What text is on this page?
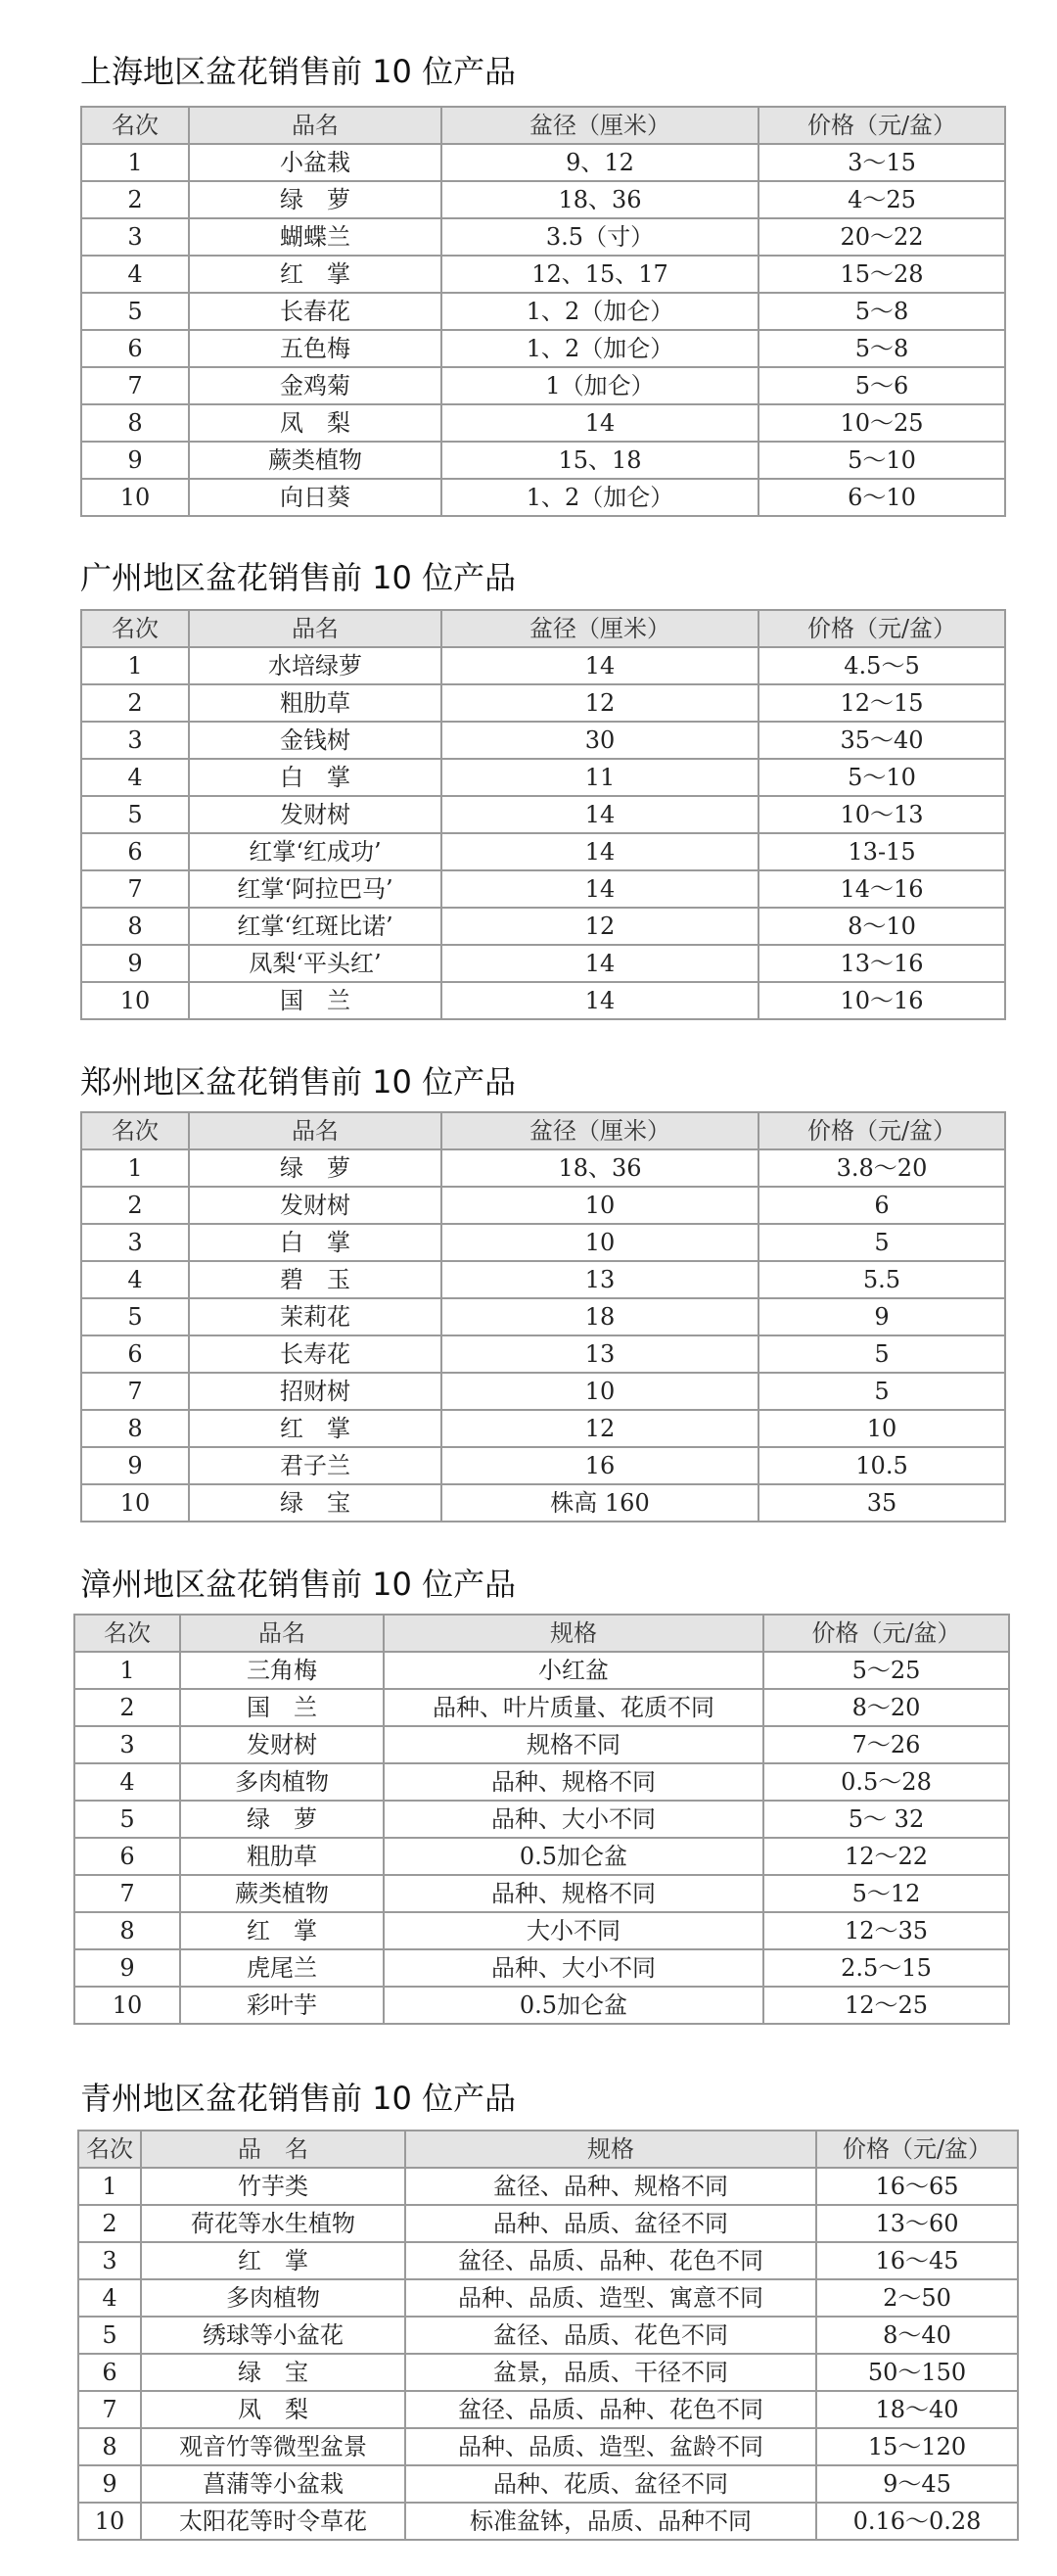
上海地区盆花销售前 10 位产品
名次	品名	盆径（厘米）	价格（元/盆）
1	小盆栽	9、12	3～15
2	绿　萝	18、36	4～25
3	蝴蝶兰	3.5（寸）	20～22
4	红　掌	12、15、17	15～28
5	长春花	1、2（加仑）	5～8
6	五色梅	1、2（加仑）	5～8
7	金鸡菊	1（加仑）	5～6
8	凤　梨	14	10～25
9	蕨类植物	15、18	5～10
10	向日葵	1、2（加仑）	6～10
广州地区盆花销售前 10 位产品
名次	品名	盆径（厘米）	价格（元/盆）
1	水培绿萝	14	4.5～5
2	粗肋草	12	12～15
3	金钱树	30	35～40
4	白　掌	11	5～10
5	发财树	14	10～13
6	红掌‘红成功’	14	13-15
7	红掌‘阿拉巴马’	14	14～16
8	红掌‘红斑比诺’	12	8～10
9	凤梨‘平头红’	14	13～16
10	国　兰	14	10～16
郑州地区盆花销售前 10 位产品
名次	品名	盆径（厘米）	价格（元/盆）
1	绿　萝	18、36	3.8～20
2	发财树	10	6
3	白　掌	10	5
4	碧　玉	13	5.5
5	茉莉花	18	9
6	长寿花	13	5
7	招财树	10	5
8	红　掌	12	10
9	君子兰	16	10.5
10	绿　宝	株高 160	35
漳州地区盆花销售前 10 位产品
名次	品名	规格	价格（元/盆）
1	三角梅	小红盆	5～25
2	国　兰	品种、叶片质量、花质不同	8～20
3	发财树	规格不同	7～26
4	多肉植物	品种、规格不同	0.5～28
5	绿　萝	品种、大小不同	5～ 32
6	粗肋草	0.5加仑盆	12～22
7	蕨类植物	品种、规格不同	5～12
8	红　掌	大小不同	12～35
9	虎尾兰	品种、大小不同	2.5～15
10	彩叶芋	0.5加仑盆	12～25
青州地区盆花销售前 10 位产品
名次	品　名	规格	价格（元/盆）
1	竹芋类	盆径、品种、规格不同	16～65
2	荷花等水生植物	品种、品质、盆径不同	13～60
3	红　掌	盆径、品质、品种、花色不同	16～45
4	多肉植物	品种、品质、造型、寓意不同	2～50
5	绣球等小盆花	盆径、品质、花色不同	8～40
6	绿　宝	盆景，品质、干径不同	50～150
7	凤　梨	盆径、品质、品种、花色不同	18～40
8	观音竹等微型盆景	品种、品质、造型、盆龄不同	15～120
9	菖蒲等小盆栽	品种、花质、盆径不同	9～45
10	太阳花等时令草花	标准盆钵，品质、品种不同	0.16～0.28
